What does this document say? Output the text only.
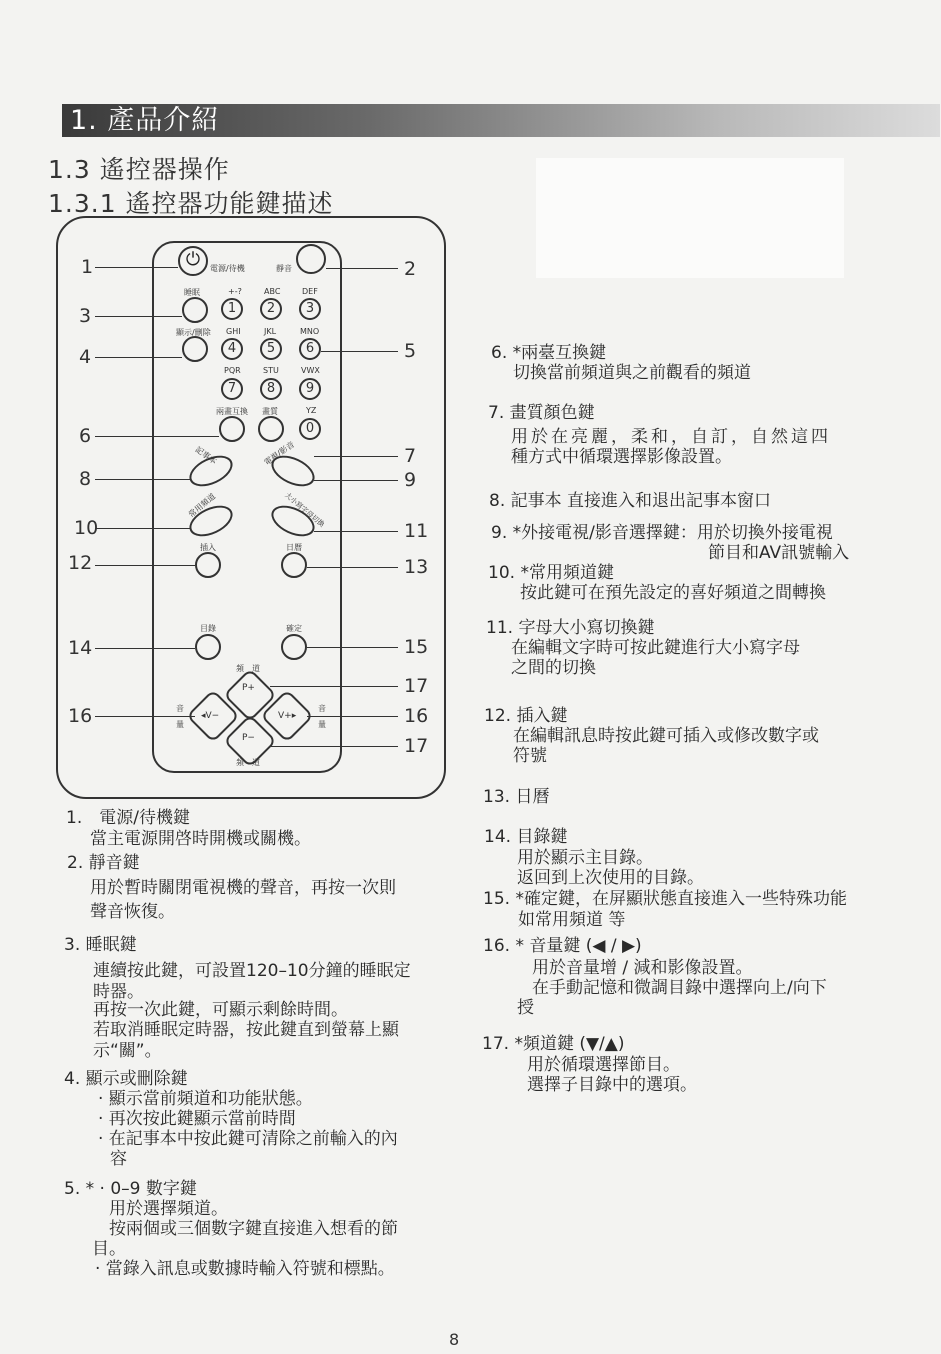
1. 產品介紹
1.3 遙控器操作
1.3.1 遙控器功能鍵描述
⏻	電源/待機	靜音
睡眠	+-?	ABC	DEF
1	2	3
顯示/刪除 GHI	JKL	MNO
4	5	6
PQR	STU	VWX
7	8	9
兩畫互換 畫質	YZ
0
記事本	電視/影音
常用頻道	大小寫字母切換
插入	日曆
目錄	確定
頻　道
頻　道
音量
音量
P+
P−
◂V−	V+▸
1	2
3
4	5
6
7
8	9
10	11
12	13
14	15
17
16	16
17
1.　電源/待機鍵
當主電源開啓時開機或關機。
2. 靜音鍵
用於暫時關閉電視機的聲音，再按一次則
聲音恢復。
3. 睡眠鍵
連續按此鍵，可設置120–10分鐘的睡眠定
時器。
再按一次此鍵，可顯示剩餘時間。
若取消睡眠定時器，按此鍵直到螢幕上顯
示“關”。
4. 顯示或刪除鍵
· 顯示當前頻道和功能狀態。
· 再次按此鍵顯示當前時間
· 在記事本中按此鍵可清除之前輸入的內
容
5. * · 0–9 數字鍵
用於選擇頻道。
按兩個或三個數字鍵直接進入想看的節
目。
· 當錄入訊息或數據時輸入符號和標點。
6. *兩臺互換鍵
切換當前頻道與之前觀看的頻道
7. 畫質顏色鍵
用於在亮麗，柔和，自訂，自然這四
種方式中循環選擇影像設置。
8. 記事本 直接進入和退出記事本窗口
9. *外接電視/影音選擇鍵：用於切換外接電視
節目和AV訊號輸入
10. *常用頻道鍵
按此鍵可在預先設定的喜好頻道之間轉換
11. 字母大小寫切換鍵
在編輯文字時可按此鍵進行大小寫字母
之間的切換
12. 插入鍵
在編輯訊息時按此鍵可插入或修改數字或
符號
13. 日曆
14. 目錄鍵
用於顯示主目錄。
返回到上次使用的目錄。
15. *確定鍵，在屏顯狀態直接進入一些特殊功能
如常用頻道 等
16. * 音量鍵 (◀ / ▶)
用於音量增 / 減和影像設置。
在手動記憶和微調目錄中選擇向上/向下
授
17. *頻道鍵 (▼/▲)
用於循環選擇節目。
選擇子目錄中的選項。
8
